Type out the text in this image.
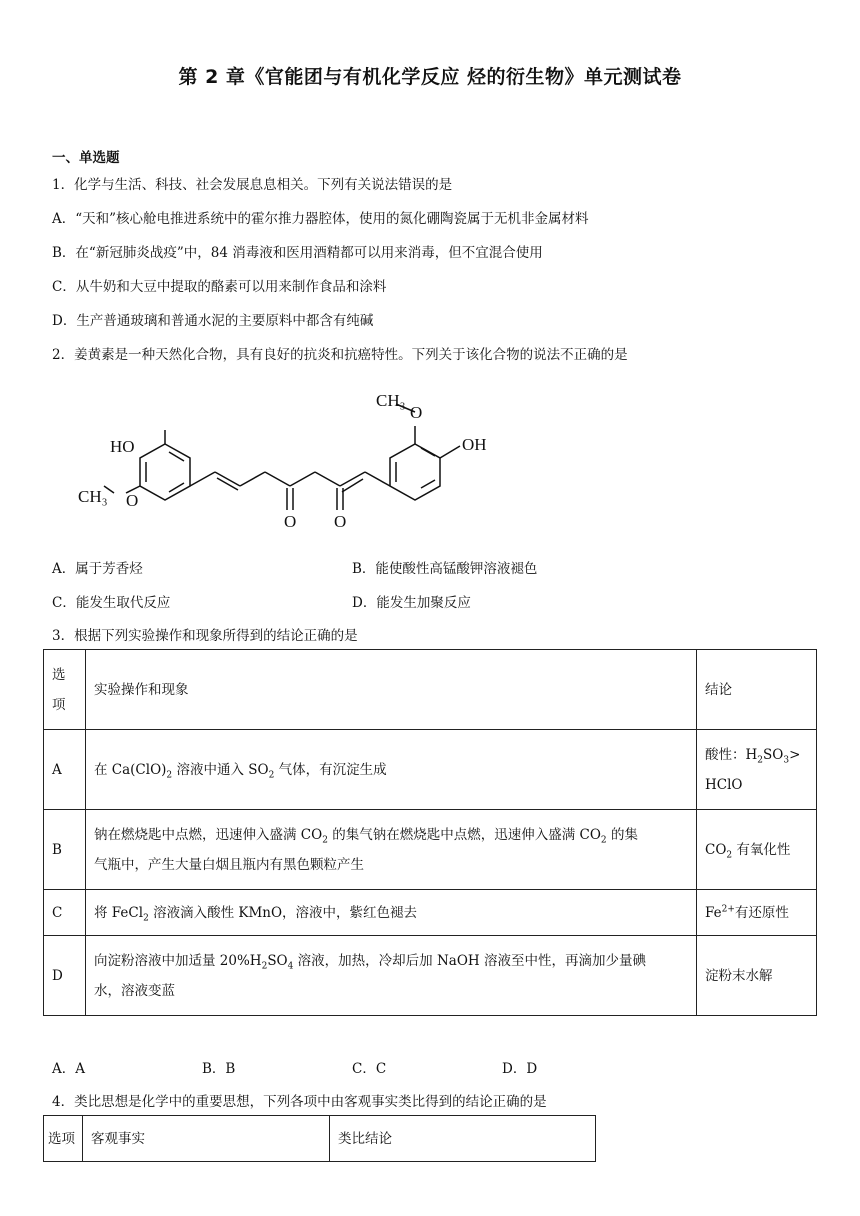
第 2 章《官能团与有机化学反应 烃的衍生物》单元测试卷
一、单选题
1．化学与生活、科技、社会发展息息相关。下列有关说法错误的是
A．“天和”核心舱电推进系统中的霍尔推力器腔体，使用的氮化硼陶瓷属于无机非金属材料
B．在“新冠肺炎战疫”中，84 消毒液和医用酒精都可以用来消毒，但不宜混合使用
C．从牛奶和大豆中提取的酪素可以用来制作食品和涂料
D．生产普通玻璃和普通水泥的主要原料中都含有纯碱
2．姜黄素是一种天然化合物，具有良好的抗炎和抗癌特性。下列关于该化合物的说法不正确的是
CH₃
O
OH
HO
CH₃ O
O O
A．属于芳香烃	B．能使酸性高锰酸钾溶液褪色
C．能发生取代反应	D．能发生加聚反应
3．根据下列实验操作和现象所得到的结论正确的是
选
项	实验操作和现象	结论
A	在 $Ca(ClO)_2$ 溶液中通入 $SO_2$ 气体，有沉淀生成	酸性：$H_2SO_3>$
HClO
B	钠在燃烧匙中点燃，迅速伸入盛满 $CO_2$ 的集气钠在燃烧匙中点燃，迅速伸入盛满 $CO_2$ 的集
气瓶中，产生大量白烟且瓶内有黑色颗粒产生	$CO_2$ 有氧化性
C	将 FeCl$_2$ 溶液滴入酸性 KMnO，溶液中，紫红色褪去	$Fe^{2+}$有还原性
D	向淀粉溶液中加适量 $20\%H_2SO_4$ 溶液，加热，冷却后加 NaOH 溶液至中性，再滴加少量碘
水，溶液变蓝	淀粉末水解
A．A	B．B	C．C	D．D
4．类比思想是化学中的重要思想，下列各项中由客观事实类比得到的结论正确的是
选项	客观事实	类比结论
